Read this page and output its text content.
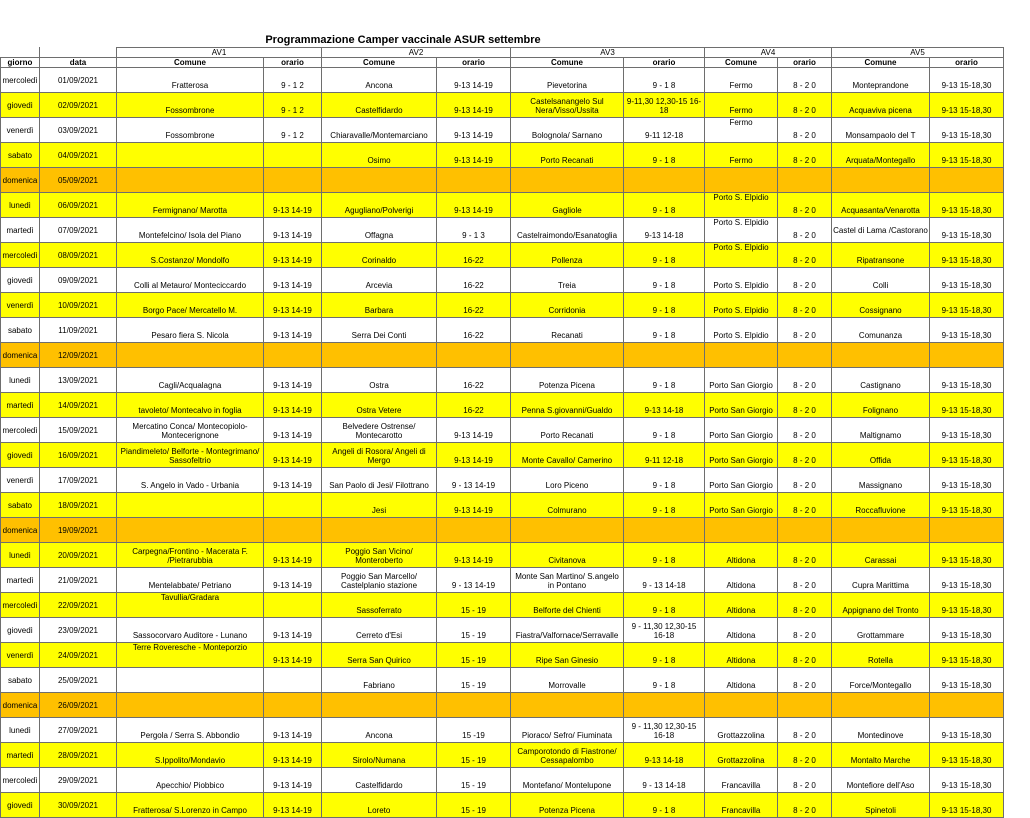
Programmazione Camper vaccinale ASUR settembre
		AV1		AV2		AV3		AV4		AV5	
giorno	data	Comune	orario	Comune	orario	Comune	orario	Comune	orario	Comune	orario
mercoledì	01/09/2021	Fratterosa	9 - 1 2	Ancona	9-13 14-19	Pievetorina	9 - 1 8	Fermo	8 - 2 0	Monteprandone	9-13 15-18,30
giovedì	02/09/2021	Fossombrone	9 - 1 2	Castelfidardo	9-13 14-19	Castelsanangelo Sul Nera/Visso/Ussita	9-11,30 12,30-15 16-18	Fermo	8 - 2 0	Acquaviva picena	9-13 15-18,30
venerdì	03/09/2021	Fossombrone	9 - 1 2	Chiaravalle/Montemarciano	9-13 14-19	Bolognola/ Sarnano	9-11 12-18	Fermo	8 - 2 0	Monsampaolo del T	9-13 15-18,30
sabato	04/09/2021			Osimo	9-13 14-19	Porto Recanati	9 - 1 8	Fermo	8 - 2 0	Arquata/Montegallo	9-13 15-18,30
domenica	05/09/2021										
lunedì	06/09/2021	Fermignano/ Marotta	9-13 14-19	Agugliano/Polverigi	9-13 14-19	Gagliole	9 - 1 8	Porto S. Elpidio	8 - 2 0	Acquasanta/Venarotta	9-13 15-18,30
martedì	07/09/2021	Montefelcino/ Isola del Piano	9-13 14-19	Offagna	9 - 1 3	Castelraimondo/Esanatoglia	9-13 14-18	Porto S. Elpidio	8 - 2 0	Castel di Lama /Castorano	9-13 15-18,30
mercoledì	08/09/2021	S.Costanzo/ Mondolfo	9-13 14-19	Corinaldo	16-22	Pollenza	9 - 1 8	Porto S. Elpidio	8 - 2 0	Ripatransone	9-13 15-18,30
giovedì	09/09/2021	Colli al Metauro/ Monteciccardo	9-13 14-19	Arcevia	16-22	Treia	9 - 1 8	Porto S. Elpidio	8 - 2 0	Colli	9-13 15-18,30
venerdì	10/09/2021	Borgo Pace/ Mercatello M.	9-13 14-19	Barbara	16-22	Corridonia	9 - 1 8	Porto S. Elpidio	8 - 2 0	Cossignano	9-13 15-18,30
sabato	11/09/2021	Pesaro fiera S. Nicola	9-13 14-19	Serra Dei Conti	16-22	Recanati	9 - 1 8	Porto S. Elpidio	8 - 2 0	Comunanza	9-13 15-18,30
domenica	12/09/2021										
lunedì	13/09/2021	Cagli/Acqualagna	9-13 14-19	Ostra	16-22	Potenza Picena	9 - 1 8	Porto San Giorgio	8 - 2 0	Castignano	9-13 15-18,30
martedì	14/09/2021	tavoleto/ Montecalvo in foglia	9-13 14-19	Ostra Vetere	16-22	Penna S.giovanni/Gualdo	9-13 14-18	Porto San Giorgio	8 - 2 0	Folignano	9-13 15-18,30
mercoledì	15/09/2021	Mercatino Conca/ Montecopiolo-Montecerignone	9-13 14-19	Belvedere Ostrense/ Montecarotto	9-13 14-19	Porto Recanati	9 - 1 8	Porto San Giorgio	8 - 2 0	Maltignamo	9-13 15-18,30
giovedì	16/09/2021	Piandimeleto/ Belforte - Montegrimano/ Sassofeltrio	9-13 14-19	Angeli di Rosora/ Angeli di Mergo	9-13 14-19	Monte Cavallo/ Camerino	9-11 12-18	Porto San Giorgio	8 - 2 0	Offida	9-13 15-18,30
venerdì	17/09/2021	S. Angelo in Vado - Urbania	9-13 14-19	San Paolo di Jesi/ Filottrano	9 - 13 14-19	Loro Piceno	9 - 1 8	Porto San Giorgio	8 - 2 0	Massignano	9-13 15-18,30
sabato	18/09/2021			Jesi	9-13 14-19	Colmurano	9 - 1 8	Porto San Giorgio	8 - 2 0	Roccafluvione	9-13 15-18,30
domenica	19/09/2021										
lunedì	20/09/2021	Carpegna/Frontino - Macerata F. /Pietrarubbia	9-13 14-19	Poggio San Vicino/ Monteroberto	9-13 14-19	Civitanova	9 - 1 8	Altidona	8 - 2 0	Carassai	9-13 15-18,30
martedì	21/09/2021	Mentelabbate/ Petriano	9-13 14-19	Poggio San Marcello/ Castelplanio stazione	9 - 13 14-19	Monte San Martino/ S.angelo in Pontano	9 - 13 14-18	Altidona	8 - 2 0	Cupra Marittima	9-13 15-18,30
mercoledì	22/09/2021	Tavullia/Gradara		Sassoferrato	15 - 19	Belforte del Chienti	9 - 1 8	Altidona	8 - 2 0	Appignano del Tronto	9-13 15-18,30
giovedì	23/09/2021	Sassocorvaro Auditore - Lunano	9-13 14-19	Cerreto d'Esi	15 - 19	Fiastra/Valfornace/Serravalle	9 - 11,30 12,30-15 16-18	Altidona	8 - 2 0	Grottammare	9-13 15-18,30
venerdì	24/09/2021	Terre Roveresche - Monteporzio	9-13 14-19	Serra San Quirico	15 - 19	Ripe San Ginesio	9 - 1 8	Altidona	8 - 2 0	Rotella	9-13 15-18,30
sabato	25/09/2021			Fabriano	15 - 19	Morrovalle	9 - 1 8	Altidona	8 - 2 0	Force/Montegallo	9-13 15-18,30
domenica	26/09/2021										
lunedì	27/09/2021	Pergola / Serra S. Abbondio	9-13 14-19	Ancona	15 -19	Pioraco/ Sefro/ Fiuminata	9 - 11,30 12,30-15 16-18	Grottazzolina	8 - 2 0	Montedinove	9-13 15-18,30
martedì	28/09/2021	S.Ippolito/Mondavio	9-13 14-19	Sirolo/Numana	15 - 19	Camporotondo di Fiastrone/ Cessapalombo	9-13 14-18	Grottazzolina	8 - 2 0	Montalto Marche	9-13 15-18,30
mercoledì	29/09/2021	Apecchio/ Piobbico	9-13 14-19	Castelfidardo	15 - 19	Montefano/ Montelupone	9 - 13 14-18	Francavilla	8 - 2 0	Montefiore dell'Aso	9-13 15-18,30
giovedì	30/09/2021	Fratterosa/ S.Lorenzo in Campo	9-13 14-19	Loreto	15 - 19	Potenza Picena	9 - 1 8	Francavilla	8 - 2 0	Spinetoli	9-13 15-18,30
